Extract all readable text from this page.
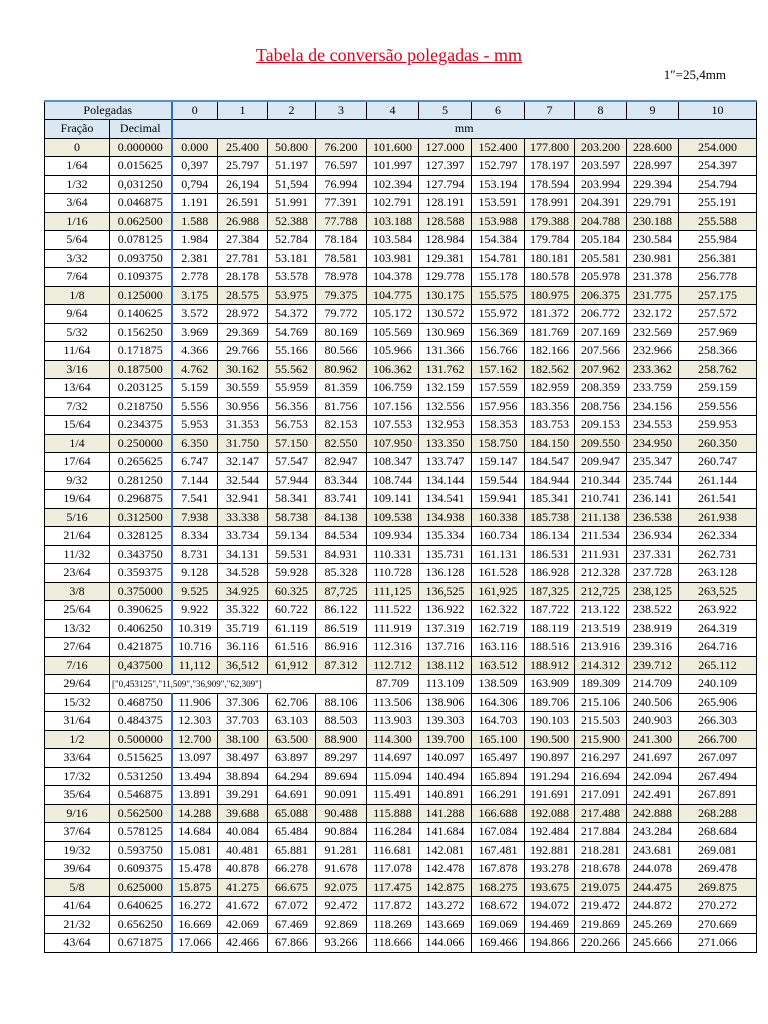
Tabela de conversão polegadas - mm
1″=25,4mm
Polegadas		0	1	2	3	4	5	6	7	8	9	10	
Fração	Decimal	mm											
0	0.000000	0.000	25.400	50.800	76.200	101.600	127.000	152.400	177.800	203.200	228.600	254.000	
1/64	0.015625	0,397	25.797	51.197	76.597	101.997	127.397	152.797	178.197	203.597	228.997	254.397	
1/32	0,031250	0,794	26,194	51,594	76.994	102.394	127.794	153.194	178.594	203.994	229.394	254.794	
3/64	0.046875	1.191	26.591	51.991	77.391	102.791	128.191	153.591	178.991	204.391	229.791	255.191	
1/16	0.062500	1.588	26.988	52.388	77.788	103.188	128.588	153.988	179.388	204.788	230.188	255.588	
5/64	0.078125	1.984	27.384	52.784	78.184	103.584	128.984	154.384	179.784	205.184	230.584	255.984	
3/32	0.093750	2.381	27.781	53.181	78.581	103.981	129.381	154.781	180.181	205.581	230.981	256.381	
7/64	0.109375	2.778	28.178	53.578	78.978	104.378	129.778	155.178	180.578	205.978	231.378	256.778	
1/8	0.125000	3.175	28.575	53.975	79.375	104.775	130.175	155.575	180.975	206.375	231.775	257.175	
9/64	0.140625	3.572	28.972	54.372	79.772	105.172	130.572	155.972	181.372	206.772	232.172	257.572	
5/32	0.156250	3.969	29.369	54.769	80.169	105.569	130.969	156.369	181.769	207.169	232.569	257.969	
11/64	0.171875	4.366	29.766	55.166	80.566	105.966	131.366	156.766	182.166	207.566	232.966	258.366	
3/16	0.187500	4.762	30.162	55.562	80.962	106.362	131.762	157.162	182.562	207.962	233.362	258.762	
13/64	0.203125	5.159	30.559	55.959	81.359	106.759	132.159	157.559	182.959	208.359	233.759	259.159	
7/32	0.218750	5.556	30.956	56.356	81.756	107.156	132.556	157.956	183.356	208.756	234.156	259.556	
15/64	0.234375	5.953	31.353	56.753	82.153	107.553	132.953	158.353	183.753	209.153	234.553	259.953	
1/4	0.250000	6.350	31.750	57.150	82.550	107.950	133.350	158.750	184.150	209.550	234.950	260.350	
17/64	0.265625	6.747	32.147	57.547	82.947	108.347	133.747	159.147	184.547	209.947	235.347	260.747	
9/32	0.281250	7.144	32.544	57.944	83.344	108.744	134.144	159.544	184.944	210.344	235.744	261.144	
19/64	0.296875	7.541	32.941	58.341	83.741	109.141	134.541	159.941	185.341	210.741	236.141	261.541	
5/16	0.312500	7.938	33.338	58.738	84.138	109.538	134.938	160.338	185.738	211.138	236.538	261.938	
21/64	0.328125	8.334	33.734	59.134	84.534	109.934	135.334	160.734	186.134	211.534	236.934	262.334	
11/32	0.343750	8.731	34.131	59.531	84.931	110.331	135.731	161.131	186.531	211.931	237.331	262.731	
23/64	0.359375	9.128	34.528	59.928	85.328	110.728	136.128	161.528	186.928	212.328	237.728	263.128	
3/8	0.375000	9.525	34.925	60.325	87,725	111,125	136,525	161,925	187,325	212,725	238,125	263,525	
25/64	0.390625	9.922	35.322	60.722	86.122	111.522	136.922	162.322	187.722	213.122	238.522	263.922	
13/32	0.406250	10.319	35.719	61.119	86.519	111.919	137.319	162.719	188.119	213.519	238.919	264.319	
27/64	0.421875	10.716	36.116	61.516	86.916	112.316	137.716	163.116	188.516	213.916	239.316	264.716	
7/16	0,437500	11,112	36,512	61,912	87.312	112.712	138.112	163.512	188.912	214.312	239.712	265.112	
29/64	["0,453125","11,509","36,909","62,309"]					87.709	113.109	138.509	163.909	189.309	214.709	240.109	
15/32	0.468750	11.906	37.306	62.706	88.106	113.506	138.906	164.306	189.706	215.106	240.506	265.906	
31/64	0.484375	12.303	37.703	63.103	88.503	113.903	139.303	164.703	190.103	215.503	240.903	266.303	
1/2	0.500000	12.700	38.100	63.500	88.900	114.300	139.700	165.100	190.500	215.900	241.300	266.700	
33/64	0.515625	13.097	38.497	63.897	89.297	114.697	140.097	165.497	190.897	216.297	241.697	267.097	
17/32	0.531250	13.494	38.894	64.294	89.694	115.094	140.494	165.894	191.294	216.694	242.094	267.494	
35/64	0.546875	13.891	39.291	64.691	90.091	115.491	140.891	166.291	191.691	217.091	242.491	267.891	
9/16	0.562500	14.288	39.688	65.088	90.488	115.888	141.288	166.688	192.088	217.488	242.888	268.288	
37/64	0.578125	14.684	40.084	65.484	90.884	116.284	141.684	167.084	192.484	217.884	243.284	268.684	
19/32	0.593750	15.081	40.481	65.881	91.281	116.681	142.081	167.481	192.881	218.281	243.681	269.081	
39/64	0.609375	15.478	40.878	66.278	91.678	117.078	142.478	167.878	193.278	218.678	244.078	269.478	
5/8	0.625000	15.875	41.275	66.675	92.075	117.475	142.875	168.275	193.675	219.075	244.475	269.875	
41/64	0.640625	16.272	41.672	67.072	92.472	117.872	143.272	168.672	194.072	219.472	244.872	270.272	
21/32	0.656250	16.669	42.069	67.469	92.869	118.269	143.669	169.069	194.469	219.869	245.269	270.669	
43/64	0.671875	17.066	42.466	67.866	93.266	118.666	144.066	169.466	194.866	220.266	245.666	271.066	
